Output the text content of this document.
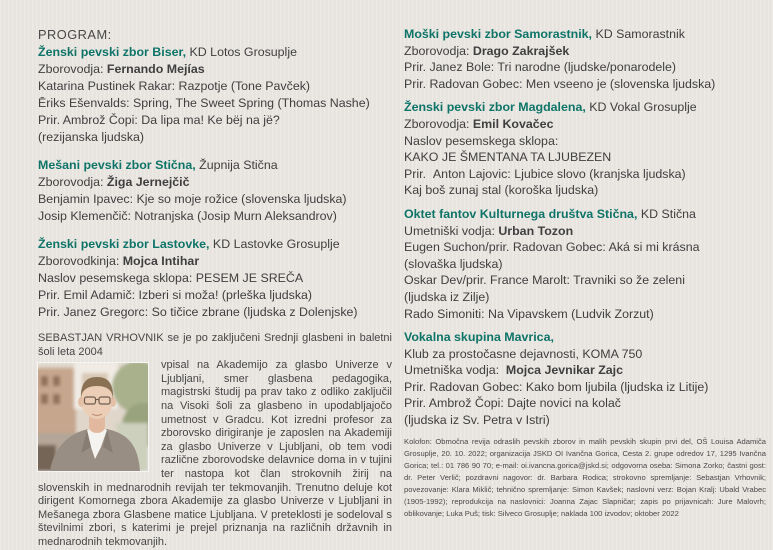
PROGRAM:
Ženski pevski zbor Biser, KD Lotos Grosuplje
Zborovodja: Fernando Mejías
Katarina Pustinek Rakar: Razpotje (Tone Pavček)
Ēriks Ešenvalds: Spring, The Sweet Spring (Thomas Nashe)
Prir. Ambrož Čopi: Da lipa ma! Ke bëj na jë?
(rezijanska ljudska)
Mešani pevski zbor Stična, Župnija Stična
Zborovodja: Žiga Jernejčič
Benjamin Ipavec: Kje so moje rožice (slovenska ljudska)
Josip Klemenčič: Notranjska (Josip Murn Aleksandrov)
Ženski pevski zbor Lastovke, KD Lastovke Grosuplje
Zborovodkinja: Mojca Intihar
Naslov pesemskega sklopa: PESEM JE SREČA
Prir. Emil Adamič: Izberi si moža! (prleška ljudska)
Prir. Janez Gregorc: So tičice zbrane (ljudska z Dolenjske)
SEBASTJAN VRHOVNIK se je po zaključeni Srednji glasbeni in baletni šoli leta 2004
vpisal na Akademijo za glasbo Univerze v Ljubljani, smer glasbena pedagogika, magistrski študij pa prav tako z odliko zaključil na Visoki šoli za glasbeno in upodabljajočo umetnost v Gradcu. Kot izredni profesor za zborovsko dirigiranje je zaposlen na Akademiji za glasbo Univerze v Ljubljani, ob tem vodi različne zborovodske delavnice doma in v tujini ter nastopa kot član strokovnih žirij na slovenskih in mednarodnih revijah ter tekmovanjih. Trenutno deluje kot dirigent Komornega zbora Akademije za glasbo Univerze v Ljubljani in Mešanega zbora Glasbene matice Ljubljana. V preteklosti je sodeloval s številnimi zbori, s katerimi je prejel priznanja na različnih državnih in mednarodnih tekmovanjih.
Moški pevski zbor Samorastnik, KD Samorastnik
Zborovodja: Drago Zakrajšek
Prir. Janez Bole: Tri narodne (ljudske/ponarodele)
Prir. Radovan Gobec: Men vseeno je (slovenska ljudska)
Ženski pevski zbor Magdalena, KD Vokal Grosuplje
Zborovodja: Emil Kovačec
Naslov pesemskega sklopa:
KAKO JE ŠMENTANA TA LJUBEZEN
Prir.  Anton Lajovic: Ljubice slovo (kranjska ljudska)
Kaj boš zunaj stal (koroška ljudska)
Oktet fantov Kulturnega društva Stična, KD Stična
Umetniški vodja: Urban Tozon
Eugen Suchon/prir. Radovan Gobec: Aká si mi krásna
(slovaška ljudska)
Oskar Dev/prir. France Marolt: Travniki so že zeleni
(ljudska iz Zilje)
Rado Simoniti: Na Vipavskem (Ludvik Zorzut)
Vokalna skupina Mavrica,
Klub za prostočasne dejavnosti, KOMA 750
Umetniška vodja:  Mojca Jevnikar Zajc
Prir. Radovan Gobec: Kako bom ljubila (ljudska iz Litije)
Prir. Ambrož Čopi: Dajte novici na kolač
(ljudska iz Sv. Petra v Istri)
Kolofon: Območna revija odraslih pevskih zborov in malih pevskih skupin prvi del, OŠ Louisa Adamiča Grosuplje, 20. 10. 2022; organizacija JSKD OI Ivančna Gorica, Cesta 2. grupe odredov 17, 1295 Ivančna Gorica; tel.: 01 786 90 70; e-mail: oi.ivancna.gorica@jskd.si; odgovorna oseba: Simona Zorko; častni gost: dr. Peter Verlič; pozdravni nagovor: dr. Barbara Rodica; strokovno spremljanje: Sebastjan Vrhovnik; povezovanje: Klara Miklič; tehnično spremljanje: Simon Kavšek; naslovni verz: Bojan Kralj: Ubald Vrabec (1905-1992); reprodukcija na naslovnici: Joanna Zajac Slapničar; zapis po prijavnicah: Jure Malovrh; oblikovanje; Luka Puš; tisk: Silveco Grosuplje; naklada 100 izvodov; oktober 2022
